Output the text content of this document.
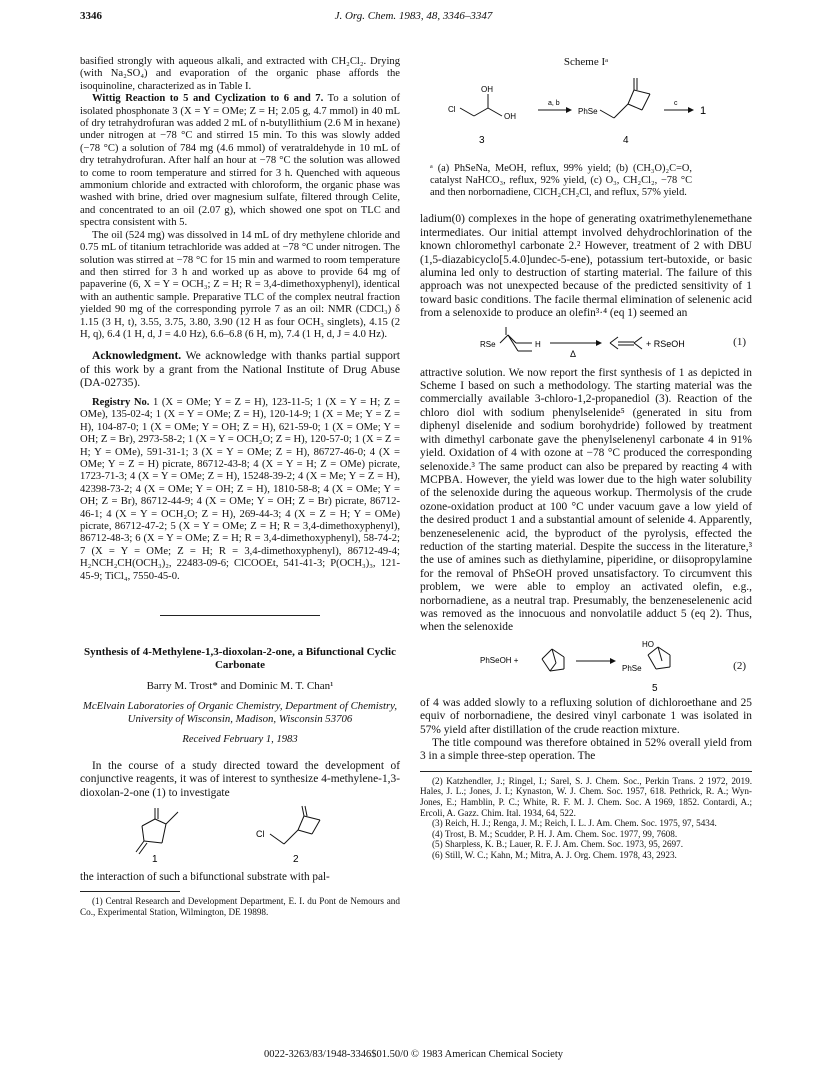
3346	J. Org. Chem. 1983, 48, 3346–3347

basified strongly with aqueous alkali, and extracted with CH₂Cl₂. Drying (with Na₂SO₄) and evaporation of the organic phase affords the isoquinoline, characterized as in Table I.

Wittig Reaction to 5 and Cyclization to 6 and 7. To a solution of isolated phosphonate 3 (X = Y = OMe; Z = H; 2.05 g, 4.7 mmol) in 40 mL of dry tetrahydrofuran was added 2 mL of n-butyllithium (2.6 M in hexane) under nitrogen at −78 °C and stirred 15 min. To this was slowly added (−78 °C) a solution of 784 mg (4.6 mmol) of veratraldehyde in 10 mL of dry tetrahydrofuran. After half an hour at −78 °C the solution was allowed to come to room temperature and stirred for 3 h. Quenched with aqueous ammonium chloride and extracted with chloroform, the organic phase was washed with brine, dried over magnesium sulfate, filtered through Celite, and concentrated to an oil (2.07 g), which showed one spot on TLC and spectra consistent with 5.

The oil (524 mg) was dissolved in 14 mL of dry methylene chloride and 0.75 mL of titanium tetrachloride was added at −78 °C under nitrogen. The solution was stirred at −78 °C for 15 min and warmed to room temperature and then stirred for 3 h and worked up as above to provide 64 mg of papaverine (6, X = Y = OCH₃; Z = H; R = 3,4-dimethoxyphenyl), identical with an authentic sample. Preparative TLC of the complex neutral fraction yielded 90 mg of the corresponding pyrrole 7 as an oil: NMR (CDCl₃) δ 1.15 (3 H, t), 3.55, 3.75, 3.80, 3.90 (12 H as four OCH₃ singlets), 4.15 (2 H, q), 6.4 (1 H, d, J = 4.0 Hz), 6.6–6.8 (6 H, m), 7.4 (1 H, d, J = 4.0 Hz).

Acknowledgment. We acknowledge with thanks partial support of this work by a grant from the National Institute of Drug Abuse (DA-02735).

Registry No. 1 (X = OMe; Y = Z = H), 123-11-5; 1 (X = Y = H; Z = OMe), 135-02-4; 1 (X = Y = OMe; Z = H), 120-14-9; 1 (X = Me; Y = Z = H), 104-87-0; 1 (X = OMe; Y = OH; Z = H), 621-59-0; 1 (X = OMe; Y = OH; Z = Br), 2973-58-2; 1 (X = Y = OCH₂O; Z = H), 120-57-0; 1 (X = Z = H; Y = OMe), 591-31-1; 3 (X = Y = OMe; Z = H), 86727-46-0; 4 (X = OMe; Y = Z = H) picrate, 86712-43-8; 4 (X = Y = H; Z = OMe) picrate, 1723-71-3; 4 (X = Y = OMe; Z = H), 15248-39-2; 4 (X = Me; Y = Z = H), 42398-73-2; 4 (X = OMe; Y = OH; Z = H), 1810-58-8; 4 (X = OMe; Y = OH; Z = Br), 86712-44-9; 4 (X = OMe; Y = OH; Z = Br) picrate, 86712-46-1; 4 (X = Y = OCH₂O; Z = H), 269-44-3; 4 (X = Z = H; Y = OMe) picrate, 86712-47-2; 5 (X = Y = OMe; Z = H; R = 3,4-dimethoxyphenyl), 86712-48-3; 6 (X = Y = OMe; Z = H; R = 3,4-dimethoxyphenyl), 58-74-2; 7 (X = Y = OMe; Z = H; R = 3,4-dimethoxyphenyl), 86712-49-4; H₂NCH₂CH(OCH₃)₂, 22483-09-6; ClCOOEt, 541-41-3; P(OCH₃)₃, 121-45-9; TiCl₄, 7550-45-0.

Synthesis of 4-Methylene-1,3-dioxolan-2-one, a Bifunctional Cyclic Carbonate

Barry M. Trost* and Dominic M. T. Chan¹

McElvain Laboratories of Organic Chemistry, Department of Chemistry, University of Wisconsin, Madison, Wisconsin 53706

Received February 1, 1983

In the course of a study directed toward the development of conjunctive reagents, it was of interest to synthesize 4-methylene-1,3-dioxolan-2-one (1) to investigate

1
Cl
2

the interaction of such a bifunctional substrate with pal-

(1) Central Research and Development Department, E. I. du Pont de Nemours and Co., Experimental Station, Wilmington, DE 19898.

Scheme Iᵃ

OH
Cl
OH
3
a, b
PhSe
4
c
1

ᵃ (a) PhSeNa, MeOH, reflux, 99% yield; (b) (CH₃O)₂C=O, catalyst NaHCO₃, reflux, 92% yield, (c) O₃, CH₂Cl₂, −78 °C and then norbornadiene, ClCH₂CH₂Cl, and reflux, 57% yield.

ladium(0) complexes in the hope of generating oxatrimethylenemethane intermediates. Our initial attempt involved dehydrochlorination of the known chloromethyl carbonate 2.² However, treatment of 2 with DBU (1,5-diazabicyclo[5.4.0]undec-5-ene), potassium tert-butoxide, or basic alumina led only to destruction of starting material. The failure of this approach was not unexpected because of the predicted sensitivity of 1 toward basic conditions. The facile thermal elimination of selenenic acid from a selenoxide to produce an olefin³·⁴ (eq 1) seemed an

RSe	H
Δ
+ RSeOH	(1)

attractive solution. We now report the first synthesis of 1 as depicted in Scheme I based on such a methodology. The starting material was the commercially available 3-chloro-1,2-propanediol (3). Reaction of the chloro diol with sodium phenylselenide⁵ (generated in situ from diphenyl diselenide and sodium borohydride) followed by treatment with dimethyl carbonate gave the phenylselenenyl carbonate 4 in 91% yield. Oxidation of 4 with ozone at −78 °C produced the corresponding selenoxide.³ The same product can also be prepared by reacting 4 with MCPBA. However, the yield was lower due to the high water solubility of the selenoxide during the aqueous workup. Thermolysis of the crude ozone-oxidation product at 100 °C under vacuum gave a low yield of the desired product 1 and a substantial amount of selenide 4. Apparently, benzeneselenenic acid, the byproduct of the pyrolysis, effected the reduction of the starting material. Despite the success in the literature,³ the use of amines such as diethylamine, piperidine, or diisopropylamine for the removal of PhSeOH proved unsatisfactory. To circumvent this problem, we were able to employ an activated olefin, e.g., norbornadiene, as a neutral trap. Presumably, the benzeneselenenic acid was removed as the innocuous and nonvolatile adduct 5 (eq 2). Thus, when the selenoxide

PhSeOH +
HO
PhSe
5
(2)

of 4 was added slowly to a refluxing solution of dichloroethane and 25 equiv of norbornadiene, the desired vinyl carbonate 1 was isolated in 57% yield after distillation of the crude reaction mixture.

The title compound was therefore obtained in 52% overall yield from 3 in a simple three-step operation. The

(2) Katzhendler, J.; Ringel, I.; Sarel, S. J. Chem. Soc., Perkin Trans. 2 1972, 2019. Hales, J. L.; Jones, J. I.; Kynaston, W. J. Chem. Soc. 1957, 618. Pethrick, R. A.; Wyn-Jones, E.; Hamblin, P. C.; White, R. F. M. J. Chem. Soc. A 1969, 1852. Contardi, A.; Ercoli, A. Gazz. Chim. Ital. 1934, 64, 522.

(3) Reich, H. J.; Renga, J. M.; Reich, I. L. J. Am. Chem. Soc. 1975, 97, 5434.

(4) Trost, B. M.; Scudder, P. H. J. Am. Chem. Soc. 1977, 99, 7608.

(5) Sharpless, K. B.; Lauer, R. F. J. Am. Chem. Soc. 1973, 95, 2697.

(6) Still, W. C.; Kahn, M.; Mitra, A. J. Org. Chem. 1978, 43, 2923.

0022-3263/83/1948-3346$01.50/0 © 1983 American Chemical Society
